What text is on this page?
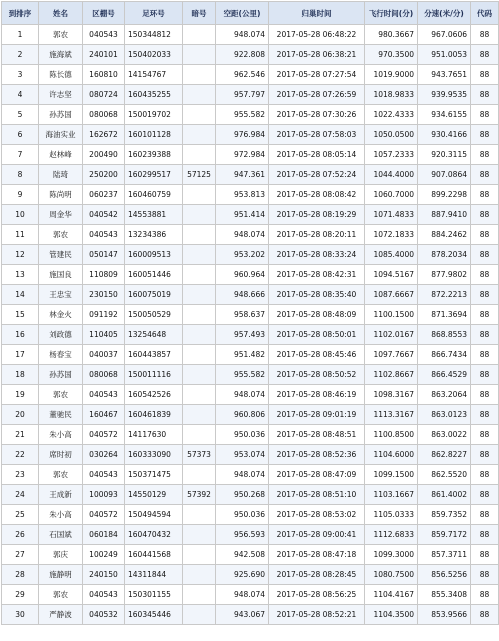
到排序	姓名	区棚号	足环号	暗号	空距(公里)	归巢时间	飞行时间(分)	分速(米/分)	代码
1	郭农	040543	150344812		948.074	2017-05-28 06:48:22	980.3667	967.0606	88
2	施海斌	240101	150402033		922.808	2017-05-28 06:38:21	970.3500	951.0053	88
3	陈长德	160810	14154767		962.546	2017-05-28 07:27:54	1019.9000	943.7651	88
4	许志坚	080724	160435255		957.797	2017-05-28 07:26:59	1018.9833	939.9535	88
5	孙苏国	080068	150019702		955.582	2017-05-28 07:30:26	1022.4333	934.6155	88
6	海油实业	162672	160101128		976.984	2017-05-28 07:58:03	1050.0500	930.4166	88
7	赵林峰	200490	160239388		972.984	2017-05-28 08:05:14	1057.2333	920.3115	88
8	陆琦	250200	160299517	57125	947.361	2017-05-28 07:52:24	1044.4000	907.0864	88
9	陈尚明	060237	160460759		953.813	2017-05-28 08:08:42	1060.7000	899.2298	88
10	周金华	040542	14553881		951.414	2017-05-28 08:19:29	1071.4833	887.9410	88
11	郭农	040543	13234386		948.074	2017-05-28 08:20:11	1072.1833	884.2462	88
12	管建民	050147	160009513		953.202	2017-05-28 08:33:24	1085.4000	878.2034	88
13	施国良	110809	160051446		960.964	2017-05-28 08:42:31	1094.5167	877.9802	88
14	王忠宝	230150	160075019		948.666	2017-05-28 08:35:40	1087.6667	872.2213	88
15	林金火	091192	150050529		958.637	2017-05-28 08:48:09	1100.1500	871.3694	88
16	刘政德	110405	13254648		957.493	2017-05-28 08:50:01	1102.0167	868.8553	88
17	杨春宝	040037	160443857		951.482	2017-05-28 08:45:46	1097.7667	866.7434	88
18	孙苏国	080068	150011116		955.582	2017-05-28 08:50:52	1102.8667	866.4529	88
19	郭农	040543	160542526		948.074	2017-05-28 08:46:19	1098.3167	863.2064	88
20	董驰民	160467	160461839		960.806	2017-05-28 09:01:19	1113.3167	863.0123	88
21	朱小高	040572	14117630		950.036	2017-05-28 08:48:51	1100.8500	863.0022	88
22	席时初	030264	160333090	57373	953.074	2017-05-28 08:52:36	1104.6000	862.8227	88
23	郭农	040543	150371475		948.074	2017-05-28 08:47:09	1099.1500	862.5520	88
24	王成新	100093	14550129	57392	950.268	2017-05-28 08:51:10	1103.1667	861.4002	88
25	朱小高	040572	150494594		950.036	2017-05-28 08:53:02	1105.0333	859.7352	88
26	石国斌	060184	160470432		956.593	2017-05-28 09:00:41	1112.6833	859.7172	88
27	郭庆	100249	160441568		942.508	2017-05-28 08:47:18	1099.3000	857.3711	88
28	施静明	240150	14311844		925.690	2017-05-28 08:28:45	1080.7500	856.5256	88
29	郭农	040543	150301155		948.074	2017-05-28 08:56:25	1104.4167	855.3408	88
30	严静波	040532	160345446		943.067	2017-05-28 08:52:21	1104.3500	853.9566	88
